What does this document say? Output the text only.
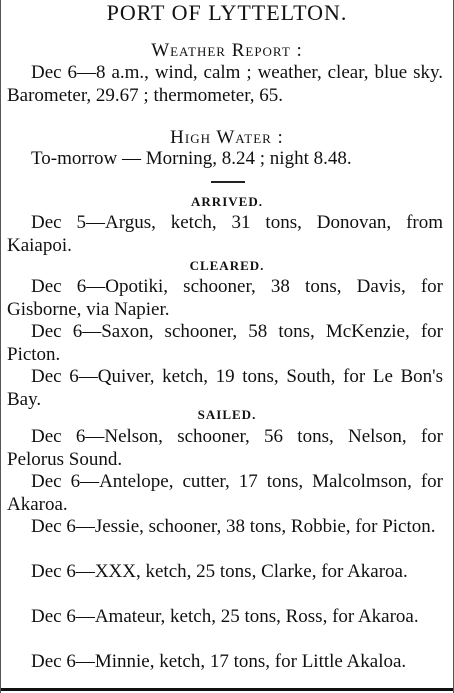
PORT OF LYTTELTON.
Weather Report :
Dec 6—8 a.m., wind, calm ; weather, clear, blue sky. Barometer, 29.67 ; thermometer, 65.
High Water :
To-morrow — Morning, 8.24 ; night 8.48.
ARRIVED.
Dec 5—Argus, ketch, 31 tons, Donovan, from Kaiapoi.
CLEARED.
Dec 6—Opotiki, schooner, 38 tons, Davis, for Gisborne, via Napier.
Dec 6—Saxon, schooner, 58 tons, McKenzie, for Picton.
Dec 6—Quiver, ketch, 19 tons, South, for Le Bon's Bay.
SAILED.
Dec 6—Nelson, schooner, 56 tons, Nelson, for Pelorus Sound.
Dec 6—Antelope, cutter, 17 tons, Malcolmson, for Akaroa.
Dec 6—Jessie, schooner, 38 tons, Robbie, for Picton.
Dec 6—XXX, ketch, 25 tons, Clarke, for Akaroa.
Dec 6—Amateur, ketch, 25 tons, Ross, for Akaroa.
Dec 6—Minnie, ketch, 17 tons, for Little Akaloa.
